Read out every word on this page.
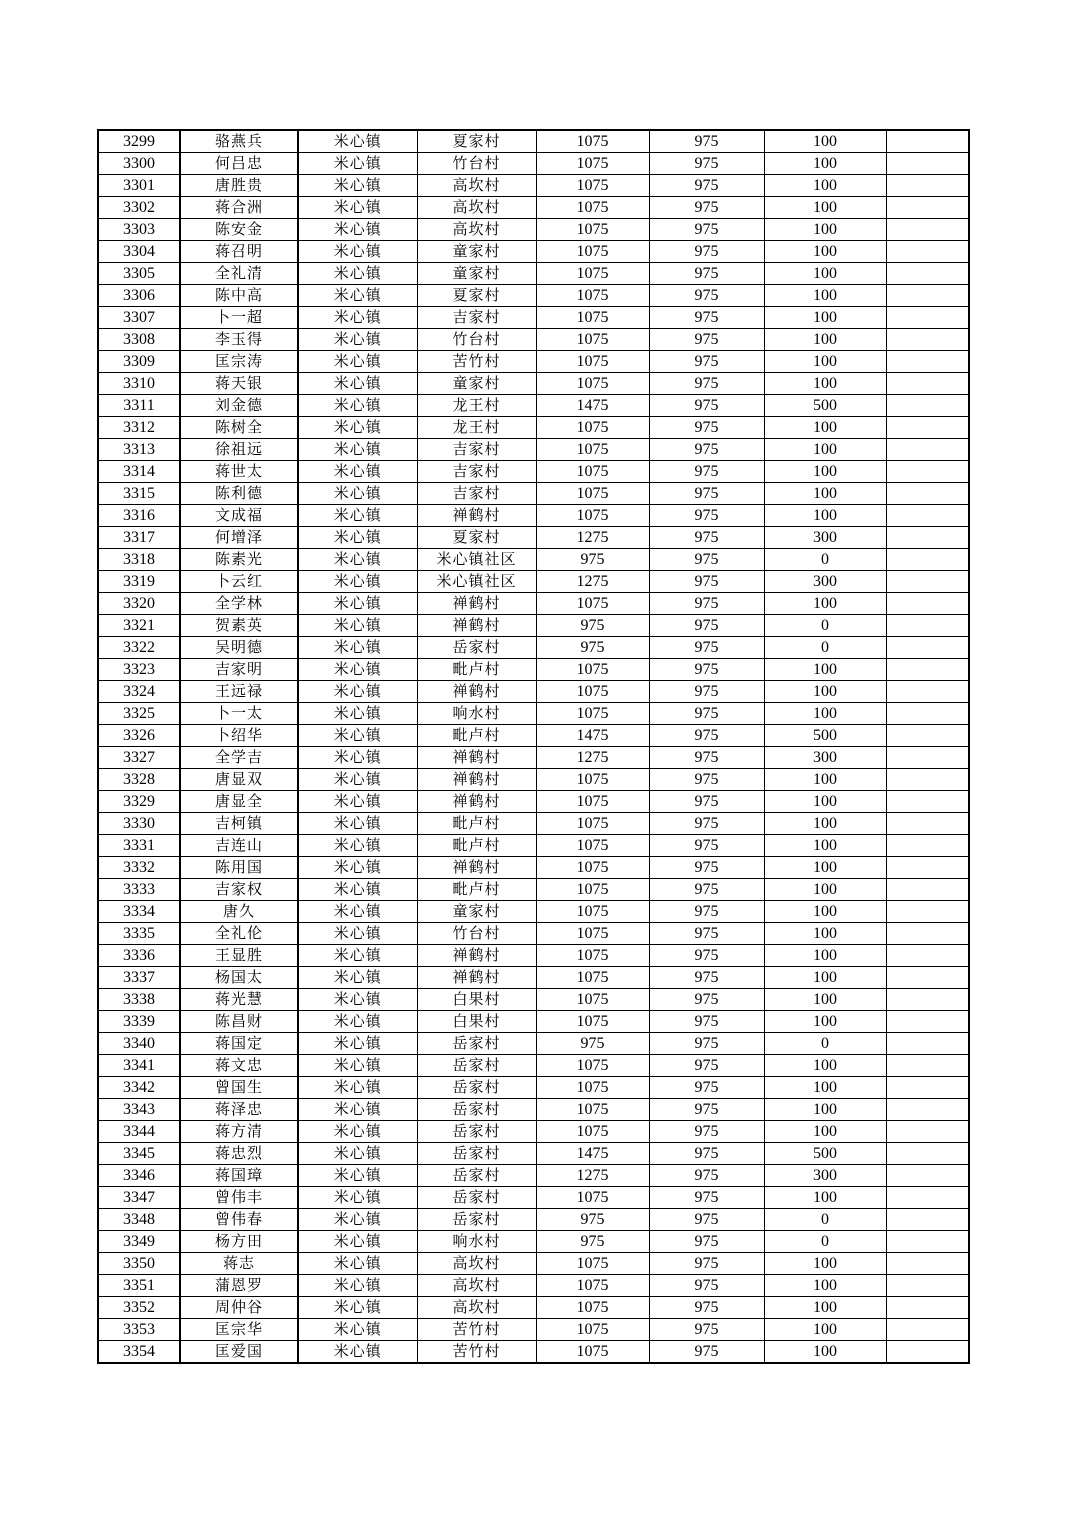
3299	骆燕兵	米心镇	夏家村	1075	975	100	
3300	何吕忠	米心镇	竹台村	1075	975	100	
3301	唐胜贵	米心镇	高坎村	1075	975	100	
3302	蒋合洲	米心镇	高坎村	1075	975	100	
3303	陈安金	米心镇	高坎村	1075	975	100	
3304	蒋召明	米心镇	童家村	1075	975	100	
3305	全礼清	米心镇	童家村	1075	975	100	
3306	陈中高	米心镇	夏家村	1075	975	100	
3307	卜一超	米心镇	吉家村	1075	975	100	
3308	李玉得	米心镇	竹台村	1075	975	100	
3309	匡宗涛	米心镇	苦竹村	1075	975	100	
3310	蒋天银	米心镇	童家村	1075	975	100	
3311	刘金德	米心镇	龙王村	1475	975	500	
3312	陈树全	米心镇	龙王村	1075	975	100	
3313	徐祖远	米心镇	吉家村	1075	975	100	
3314	蒋世太	米心镇	吉家村	1075	975	100	
3315	陈利德	米心镇	吉家村	1075	975	100	
3316	文成福	米心镇	禅鹤村	1075	975	100	
3317	何增泽	米心镇	夏家村	1275	975	300	
3318	陈素光	米心镇	米心镇社区	975	975	0	
3319	卜云红	米心镇	米心镇社区	1275	975	300	
3320	全学林	米心镇	禅鹤村	1075	975	100	
3321	贺素英	米心镇	禅鹤村	975	975	0	
3322	吴明德	米心镇	岳家村	975	975	0	
3323	吉家明	米心镇	毗卢村	1075	975	100	
3324	王远禄	米心镇	禅鹤村	1075	975	100	
3325	卜一太	米心镇	响水村	1075	975	100	
3326	卜绍华	米心镇	毗卢村	1475	975	500	
3327	全学吉	米心镇	禅鹤村	1275	975	300	
3328	唐显双	米心镇	禅鹤村	1075	975	100	
3329	唐显全	米心镇	禅鹤村	1075	975	100	
3330	吉柯镇	米心镇	毗卢村	1075	975	100	
3331	吉连山	米心镇	毗卢村	1075	975	100	
3332	陈用国	米心镇	禅鹤村	1075	975	100	
3333	吉家权	米心镇	毗卢村	1075	975	100	
3334	唐久	米心镇	童家村	1075	975	100	
3335	全礼伦	米心镇	竹台村	1075	975	100	
3336	王显胜	米心镇	禅鹤村	1075	975	100	
3337	杨国太	米心镇	禅鹤村	1075	975	100	
3338	蒋光慧	米心镇	白果村	1075	975	100	
3339	陈昌财	米心镇	白果村	1075	975	100	
3340	蒋国定	米心镇	岳家村	975	975	0	
3341	蒋文忠	米心镇	岳家村	1075	975	100	
3342	曾国生	米心镇	岳家村	1075	975	100	
3343	蒋泽忠	米心镇	岳家村	1075	975	100	
3344	蒋方清	米心镇	岳家村	1075	975	100	
3345	蒋忠烈	米心镇	岳家村	1475	975	500	
3346	蒋国璋	米心镇	岳家村	1275	975	300	
3347	曾伟丰	米心镇	岳家村	1075	975	100	
3348	曾伟春	米心镇	岳家村	975	975	0	
3349	杨方田	米心镇	响水村	975	975	0	
3350	蒋志	米心镇	高坎村	1075	975	100	
3351	蒲恩罗	米心镇	高坎村	1075	975	100	
3352	周仲谷	米心镇	高坎村	1075	975	100	
3353	匡宗华	米心镇	苦竹村	1075	975	100	
3354	匡爱国	米心镇	苦竹村	1075	975	100	
